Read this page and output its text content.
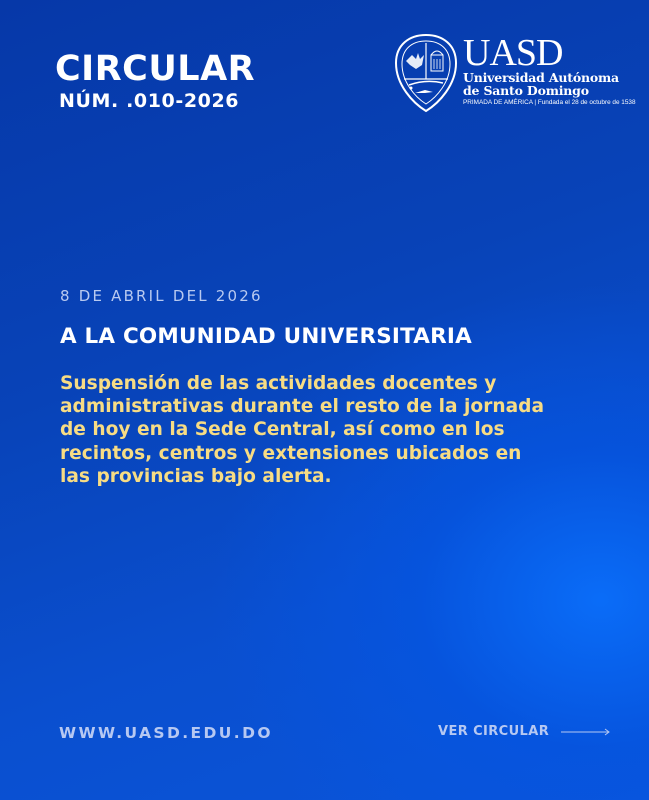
CIRCULAR
NÚM. .010-2026
UASD
Universidad Autónoma
de Santo Domingo
PRIMADA DE AMÉRICA | Fundada el 28 de octubre de 1538
8 DE ABRIL DEL 2026
A LA COMUNIDAD UNIVERSITARIA

Suspensión de las actividades docentes y
administrativas durante el resto de la jornada
de hoy en la Sede Central, así como en los
recintos, centros y extensiones ubicados en
las provincias bajo alerta.

WWW.UASD.EDU.DO	VER CIRCULAR
